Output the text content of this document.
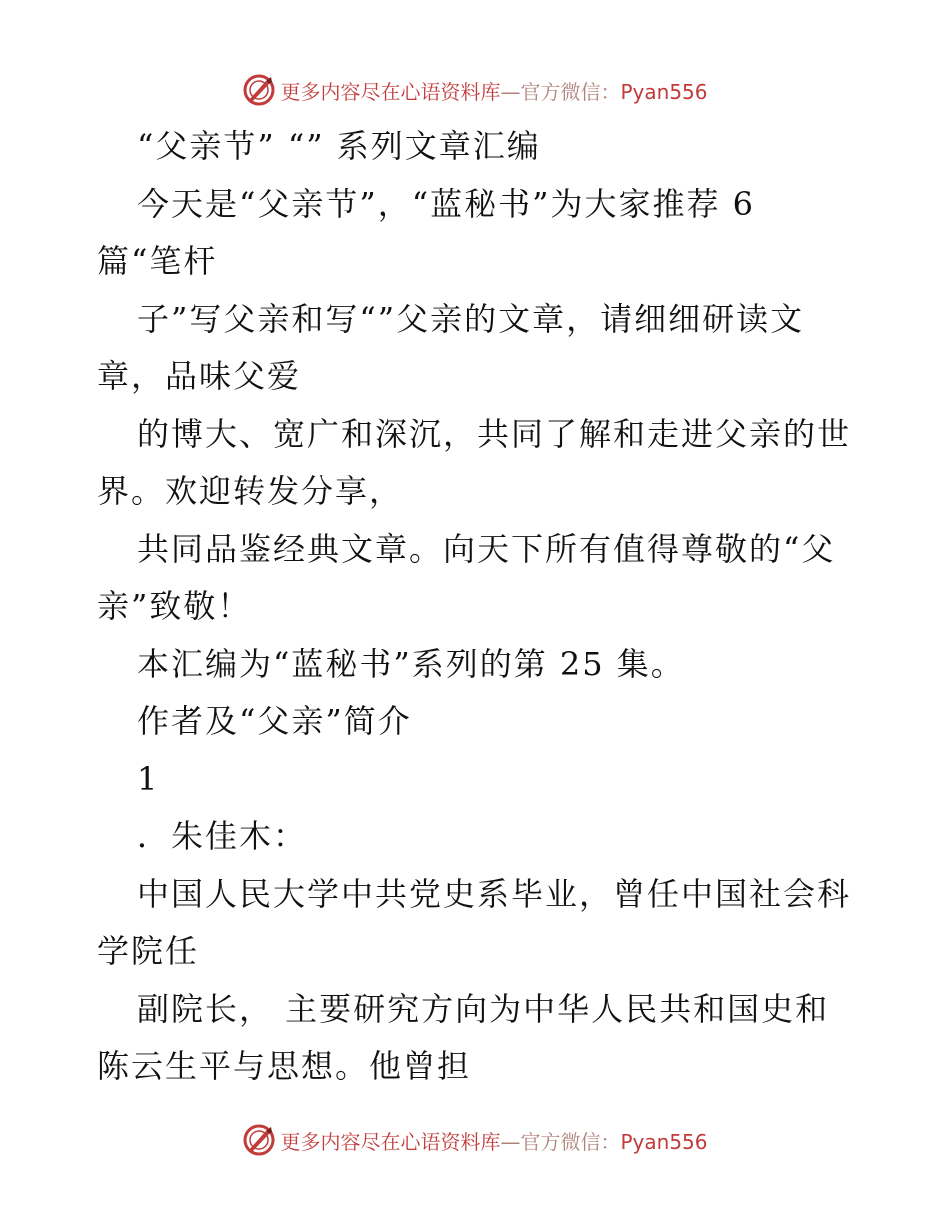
更多内容尽在心语资料库—官方微信：Pyan556
“父亲节” “” 系列文章汇编
今天是“父亲节”，“蓝秘书”为大家推荐 6
篇“笔杆
子”写父亲和写“”父亲的文章，请细细研读文
章，品味父爱
的博大、宽广和深沉，共同了解和走进父亲的世
界。欢迎转发分享，
共同品鉴经典文章。向天下所有值得尊敬的“父
亲”致敬！
本汇编为“蓝秘书”系列的第 25 集。
作者及“父亲”简介
1
．朱佳木：
中国人民大学中共党史系毕业，曾任中国社会科
学院任
副院长， 主要研究方向为中华人民共和国史和
陈云生平与思想。他曾担
更多内容尽在心语资料库—官方微信：Pyan556
